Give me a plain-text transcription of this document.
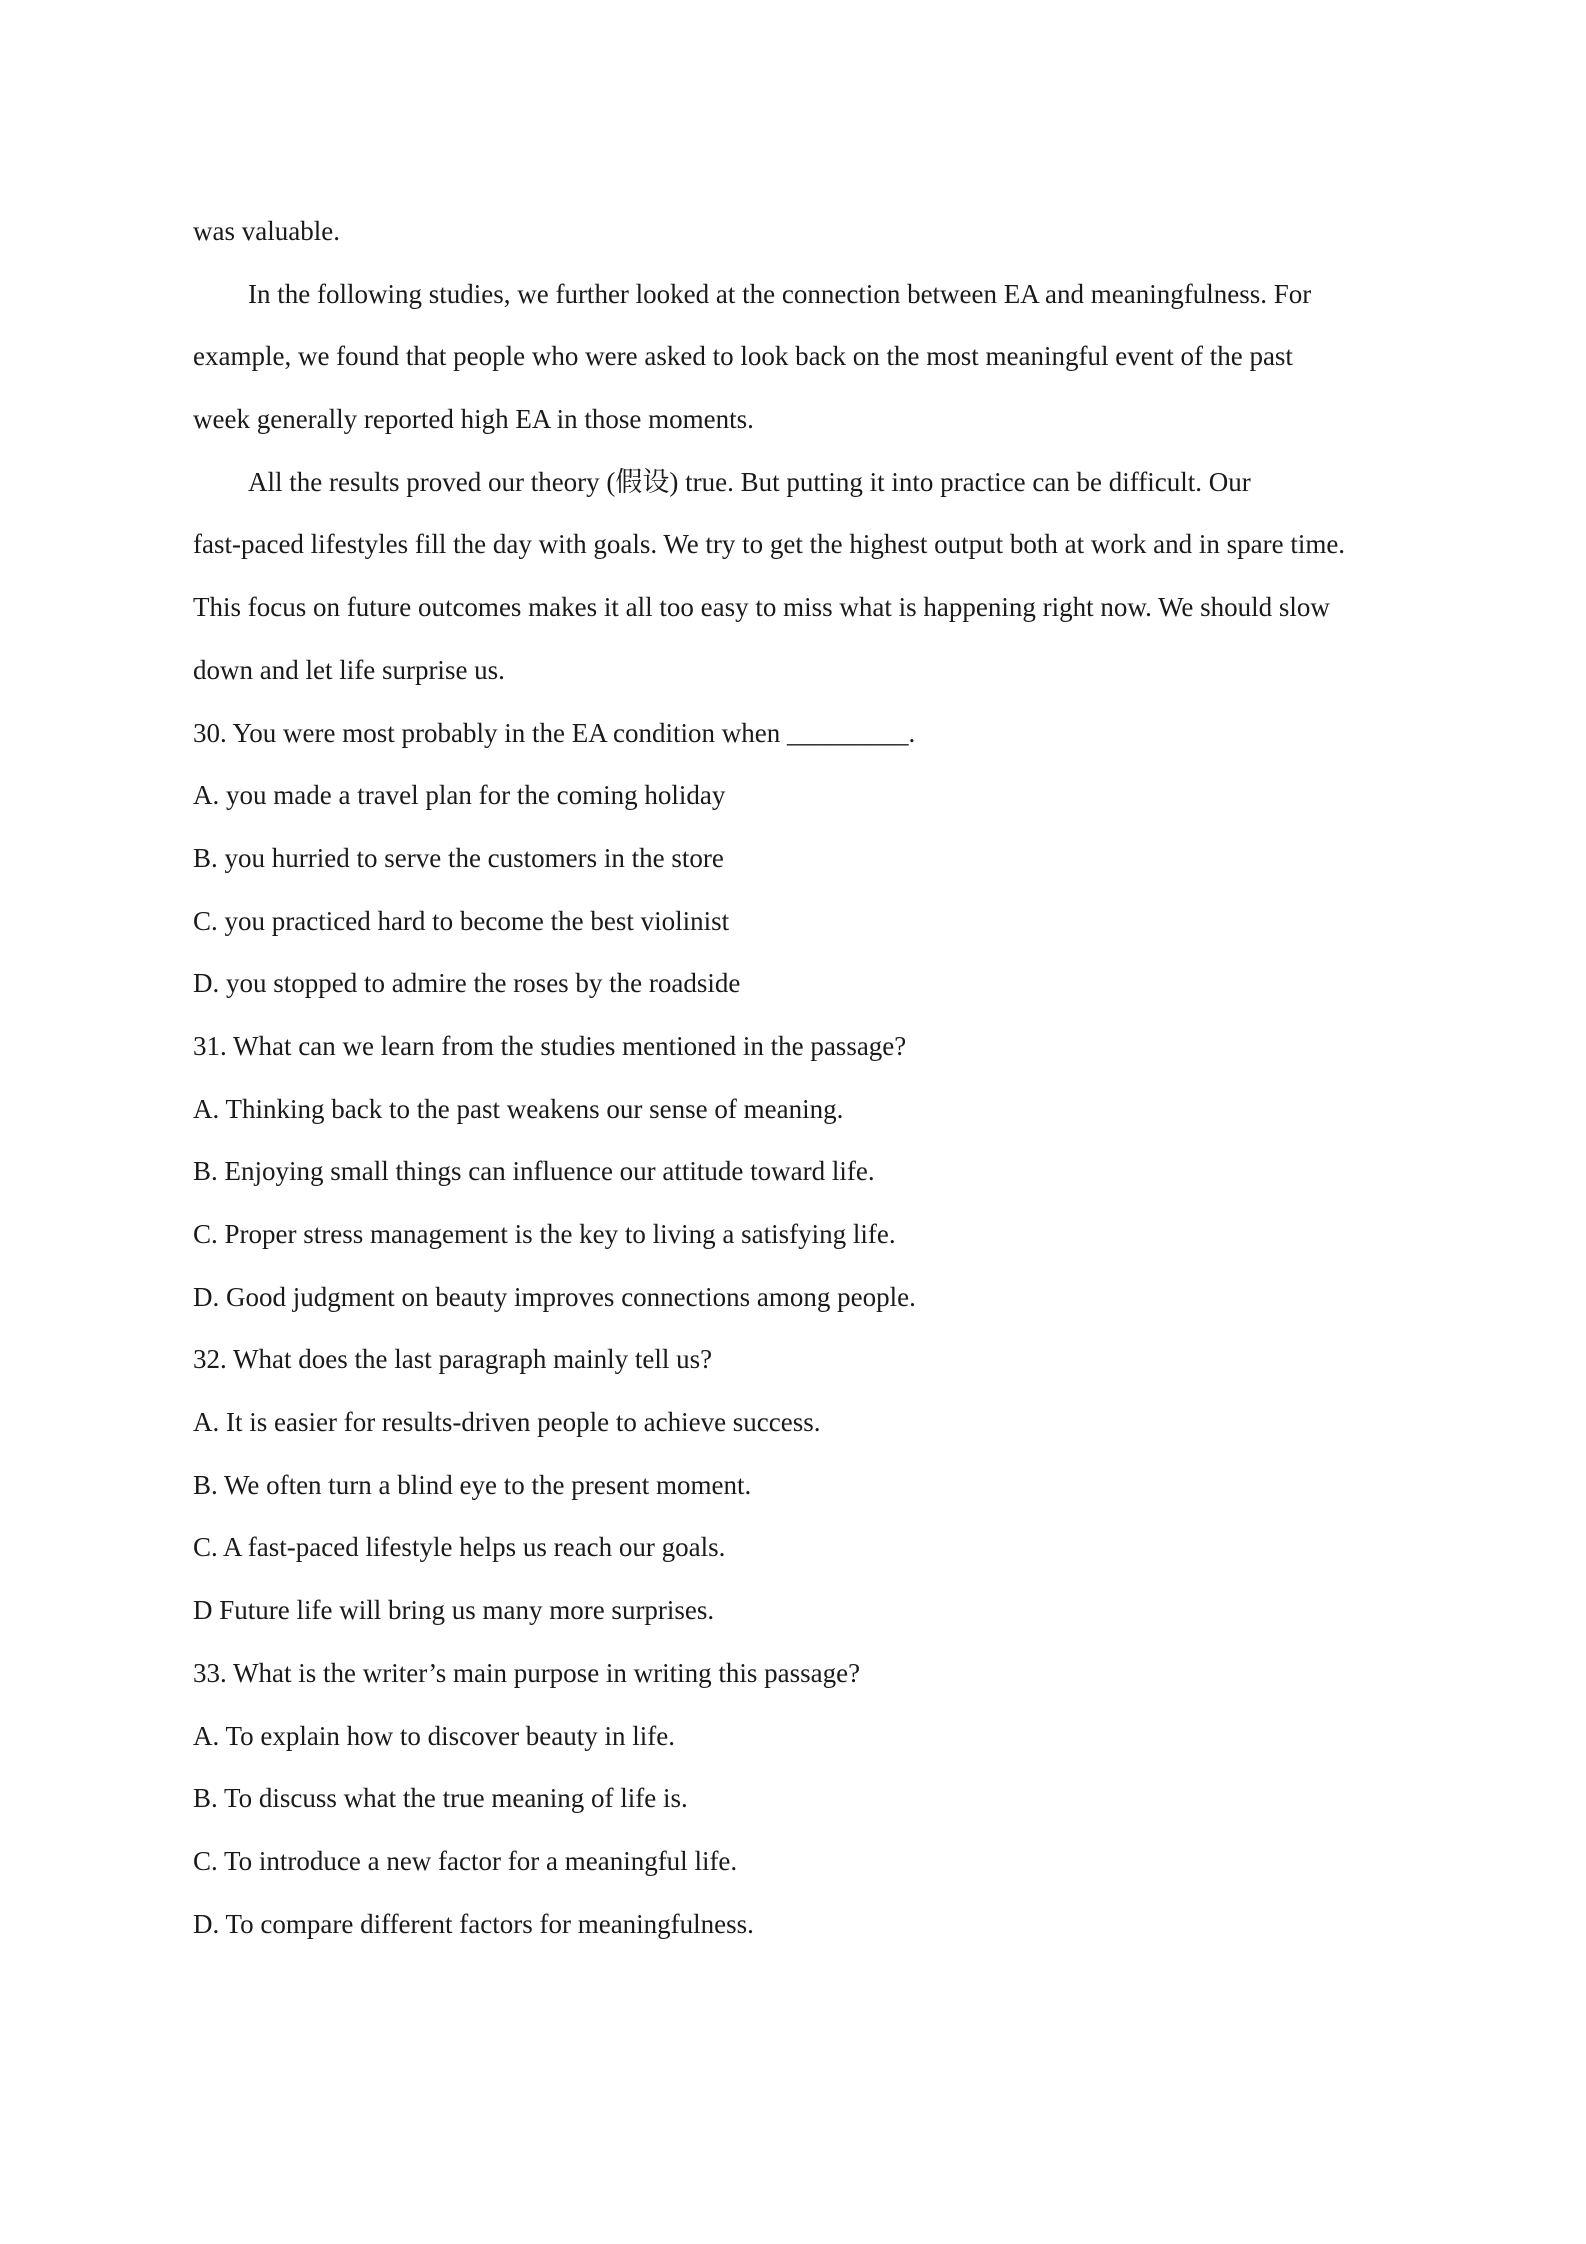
was valuable.

In the following studies, we further looked at the connection between EA and meaningfulness. For

example, we found that people who were asked to look back on the most meaningful event of the past

week generally reported high EA in those moments.

All the results proved our theory (假设) true. But putting it into practice can be difficult. Our

fast-paced lifestyles fill the day with goals. We try to get the highest output both at work and in spare time.

This focus on future outcomes makes it all too easy to miss what is happening right now. We should slow

down and let life surprise us.

30. You were most probably in the EA condition when _________.

A. you made a travel plan for the coming holiday

B. you hurried to serve the customers in the store

C. you practiced hard to become the best violinist

D. you stopped to admire the roses by the roadside

31. What can we learn from the studies mentioned in the passage?

A. Thinking back to the past weakens our sense of meaning.

B. Enjoying small things can influence our attitude toward life.

C. Proper stress management is the key to living a satisfying life.

D. Good judgment on beauty improves connections among people.

32. What does the last paragraph mainly tell us?

A. It is easier for results-driven people to achieve success.

B. We often turn a blind eye to the present moment.

C. A fast-paced lifestyle helps us reach our goals.

D Future life will bring us many more surprises.

33. What is the writer’s main purpose in writing this passage?

A. To explain how to discover beauty in life.

B. To discuss what the true meaning of life is.

C. To introduce a new factor for a meaningful life.

D. To compare different factors for meaningfulness.
